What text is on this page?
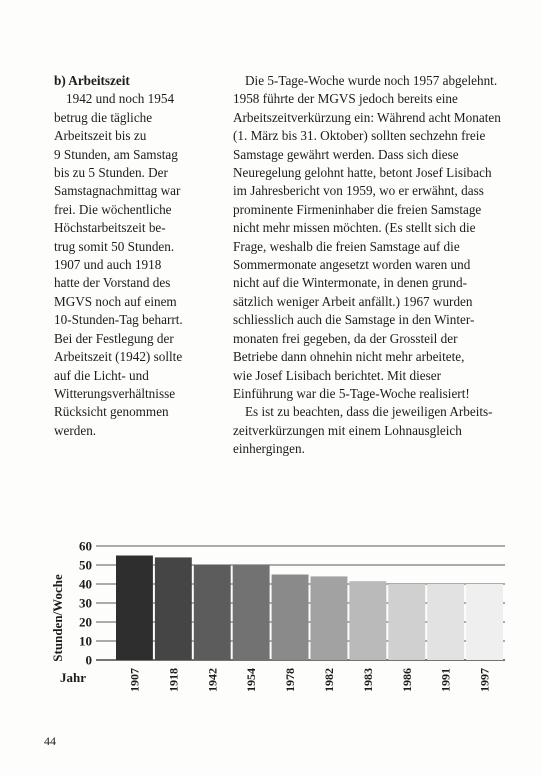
b) Arbeitszeit
1942 und noch 1954
betrug die tägliche
Arbeitszeit bis zu
9 Stunden, am Samstag
bis zu 5 Stunden. Der
Samstagnachmittag war
frei. Die wöchentliche
Höchstarbeitszeit be-
trug somit 50 Stunden.
1907 und auch 1918
hatte der Vorstand des
MGVS noch auf einem
10-Stunden-Tag beharrt.
Bei der Festlegung der
Arbeitszeit (1942) sollte
auf die Licht- und
Witterungsverhältnisse
Rücksicht genommen
werden.
Die 5-Tage-Woche wurde noch 1957 abgelehnt.
1958 führte der MGVS jedoch bereits eine
Arbeitszeitverkürzung ein: Während acht Monaten
(1. März bis 31. Oktober) sollten sechzehn freie
Samstage gewährt werden. Dass sich diese
Neuregelung gelohnt hatte, betont Josef Lisibach
im Jahresbericht von 1959, wo er erwähnt, dass
prominente Firmeninhaber die freien Samstage
nicht mehr missen möchten. (Es stellt sich die
Frage, weshalb die freien Samstage auf die
Sommermonate angesetzt worden waren und
nicht auf die Wintermonate, in denen grund-
sätzlich weniger Arbeit anfällt.) 1967 wurden
schliesslich auch die Samstage in den Winter-
monaten frei gegeben, da der Grossteil der
Betriebe dann ohnehin nicht mehr arbeitete,
wie Josef Lisibach berichtet. Mit dieser
Einführung war die 5-Tage-Woche realisiert!
Es ist zu beachten, dass die jeweiligen Arbeits-
zeitverkürzungen mit einem Lohnausgleich
einhergingen.
0
10
20
30
40
50
60
1907 1918 1942 1954 1978 1982 1983 1986 1991 1997
Stunden/Woche
Jahr
44
